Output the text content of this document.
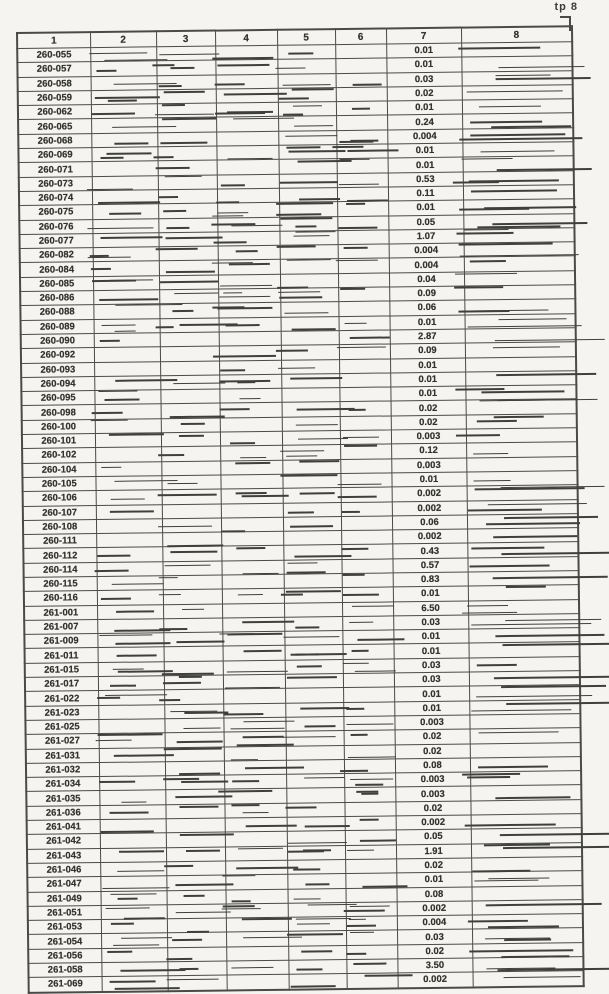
tp 8
1	2	3	4	5	6	7	8
260-055						0.01	

260-057						0.01	

260-058						0.03	

260-059						0.02	

260-062						0.01	

260-065						0.24	

260-068						0.004	

260-069						0.01	

260-071						0.01	

260-073						0.53	

260-074						0.11	

260-075						0.01	

260-076						0.05	

260-077						1.07	

260-082						0.004	

260-084						0.004	

260-085						0.04	

260-086						0.09	

260-088						0.06	

260-089						0.01	

260-090						2.87	

260-092						0.09	

260-093						0.01	
260-094						0.01	

260-095						0.01	

260-098						0.02	

260-100						0.02	

260-101						0.003	

260-102						0.12	

260-104						0.003	
260-105						0.01	

260-106						0.002	

260-107						0.002	

260-108						0.06	

260-111						0.002	

260-112						0.43	

260-114						0.57	

260-115						0.83	

260-116						0.01	

261-001						6.50	

261-007						0.03	

261-009						0.01	

261-011						0.01	

261-015						0.03	

261-017						0.03	

261-022						0.01	

261-023						0.01	

261-025						0.003	
261-027						0.02	

261-031						0.02	
261-032						0.08	

261-034						0.003	

261-035						0.003	

261-036						0.02	
261-041						0.002	

261-042						0.05	

261-043						1.91	

261-046						0.02	

261-047						0.01	

261-049						0.08	
261-051						0.002	

261-053						0.004	

261-054						0.03	

261-056						0.02	

261-058						3.50	

261-069						0.002	
